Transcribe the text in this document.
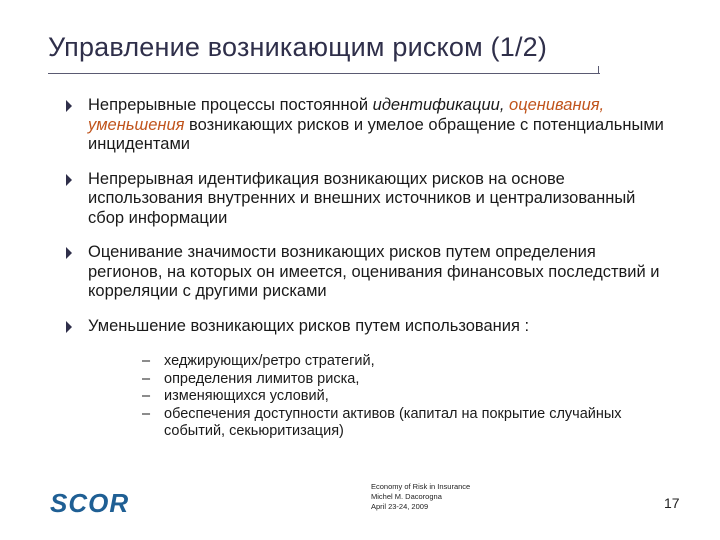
Управление возникающим риском (1/2)
Непрерывные процессы постоянной идентификации, оценивания, уменьшения возникающих рисков и умелое обращение с потенциальными инцидентами
Непрерывная идентификация возникающих рисков на основе использования внутренних и внешних источников и централизованный сбор информации
Оценивание значимости возникающих рисков путем определения регионов, на которых он имеется, оценивания финансовых последствий и корреляции с другими рисками
Уменьшение возникающих рисков путем использования :
– хеджирующих/ретро стратегий,
– определения лимитов риска,
– изменяющихся условий,
– обеспечения доступности активов (капитал на покрытие случайных событий, секьюритизация)
SCOR
Economy of Risk in Insurance
Michel M. Dacorogna
April 23-24, 2009	17
